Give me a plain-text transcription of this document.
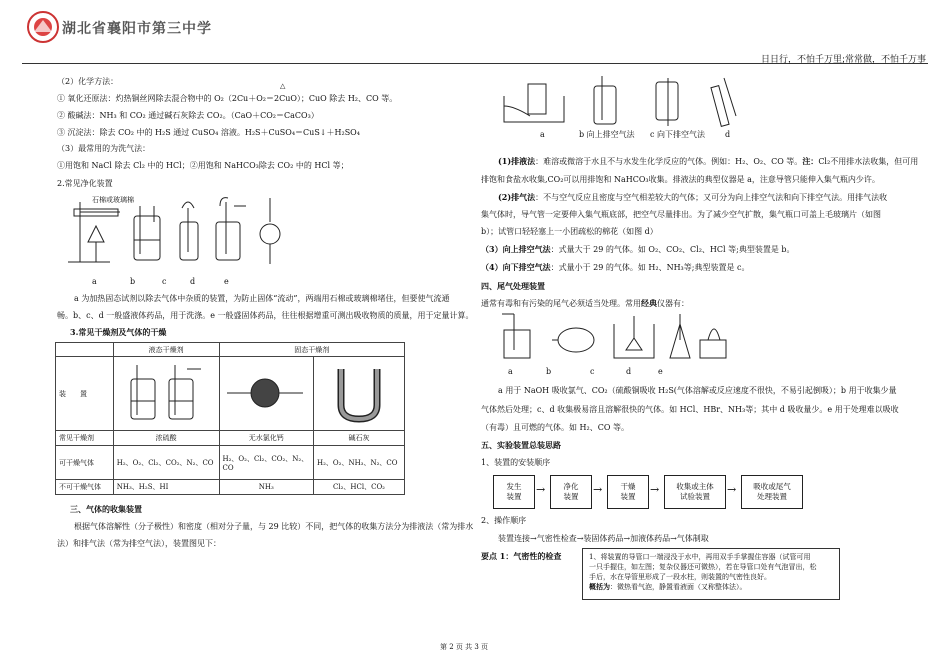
湖北省襄阳市第三中学
日日行，不怕千万里;常常做，不怕千万事
（2）化学方法：	△
① 氧化还原法：灼热铜丝网除去混合物中的 O₂（2Cu＋O₂＝2CuO）；CuO 除去 H₂、CO 等。
② 酸碱法：NH₃ 和 CO₂ 通过碱石灰除去 CO₂。（CaO＋CO₂＝CaCO₃）
③ 沉淀法：除去 CO₂ 中的 H₂S 通过 CuSO₄ 溶液。H₂S＋CuSO₄＝CuS↓＋H₂SO₄
（3）最常用的为洗气法：
①用饱和 NaCl 除去 Cl₂ 中的 HCl；②用饱和 NaHCO₃除去 CO₂ 中的 HCl 等；
2.常见净化装置
石棉或玻璃棉
a	b	c	d	e
a 为加热固态试剂以除去气体中杂质的装置，为防止固体“流动”，两端用石棉或玻璃棉堵住，但要使气流通
畅。b、c、d 一般盛液体药品，用于洗涤。e 一般盛固体药品，往往根据增重可测出吸收物质的质量，用于定量计算。
3.常见干燥剂及气体的干燥
	液态干燥剂	固态干燥剂	
装　　置			
常见干燥剂	浓硫酸	无水氯化钙	碱石灰
可干燥气体	H₂、O₂、Cl₂、CO₂、N₂、CO	H₂、O₂、Cl₂、CO₂、N₂、CO	H₂、O₂、NH₃、N₂、CO
不可干燥气体	NH₃、H₂S、HI	NH₃	Cl₂、HCl、CO₂
三、气体的收集装置
根据气体溶解性（分子极性）和密度（相对分子量，与 29 比较）不同，把气体的收集方法分为排液法（常为排水
法）和排气法（常为排空气法），装置图见下：
a	b 向上排空气法 c 向下排空气法 d
(1)排液法：难溶或微溶于水且不与水发生化学反应的气体。例如：H₂、O₂、CO 等。注：Cl₂不用排水法收集，但可用
排饱和食盐水收集,CO₂可以用排饱和 NaHCO₃收集。排液法的典型仪器是 a，注意导管只能伸入集气瓶内少许。
(2)排气法：不与空气反应且密度与空气相差较大的气体；又可分为向上排空气法和向下排空气法。用排气法收
集气体时，导气管一定要伸入集气瓶底部，把空气尽量排出。为了减少空气扩散，集气瓶口可盖上毛玻璃片（如图
b）；试管口轻轻塞上一小团疏松的棉花（如图 d）
（3）向上排空气法：式量大于 29 的气体。如 O₂、CO₂、Cl₂、HCl 等;典型装置是 b。
（4）向下排空气法：式量小于 29 的气体。如 H₂、NH₃等;典型装置是 c。
四、尾气处理装置
通常有毒和有污染的尾气必须适当处理。常用经典仪器有：
a	b	c	d	e
a 用于 NaOH 吸收氯气、CO₂（硫酸铜吸收 H₂S(气体溶解或反应速度不很快，不易引起倒吸）；b 用于收集少量
气体然后处理；c、d 收集极易溶且溶解很快的气体。如 HCl、HBr、NH₃等；其中 d 吸收量少。e 用于处理难以吸收
（有毒）且可燃的气体。如 H₂、CO 等。
五、实验装置总装思路
1、装置的安装顺序
发生
装置
→	净化
装置
→	干燥
装置
→	收集或主体
试验装置
→	吸收或尾气
处理装置
2、操作顺序
装置连接→气密性检查→装固体药品→加液体药品→气体制取
要点 1：气密性的检查	1、将装置的导管口一端浸没于水中，再用双手手掌握住容器（试管可用
一只手握住，如左图；复杂仪器还可微热），若在导管口处有气泡冒出，松
手后，水在导管里形成了一段水柱，则装置的气密性良好。
概括为：微热看气泡，静置看液面（又称整体法）。
第 2 页 共 3 页
